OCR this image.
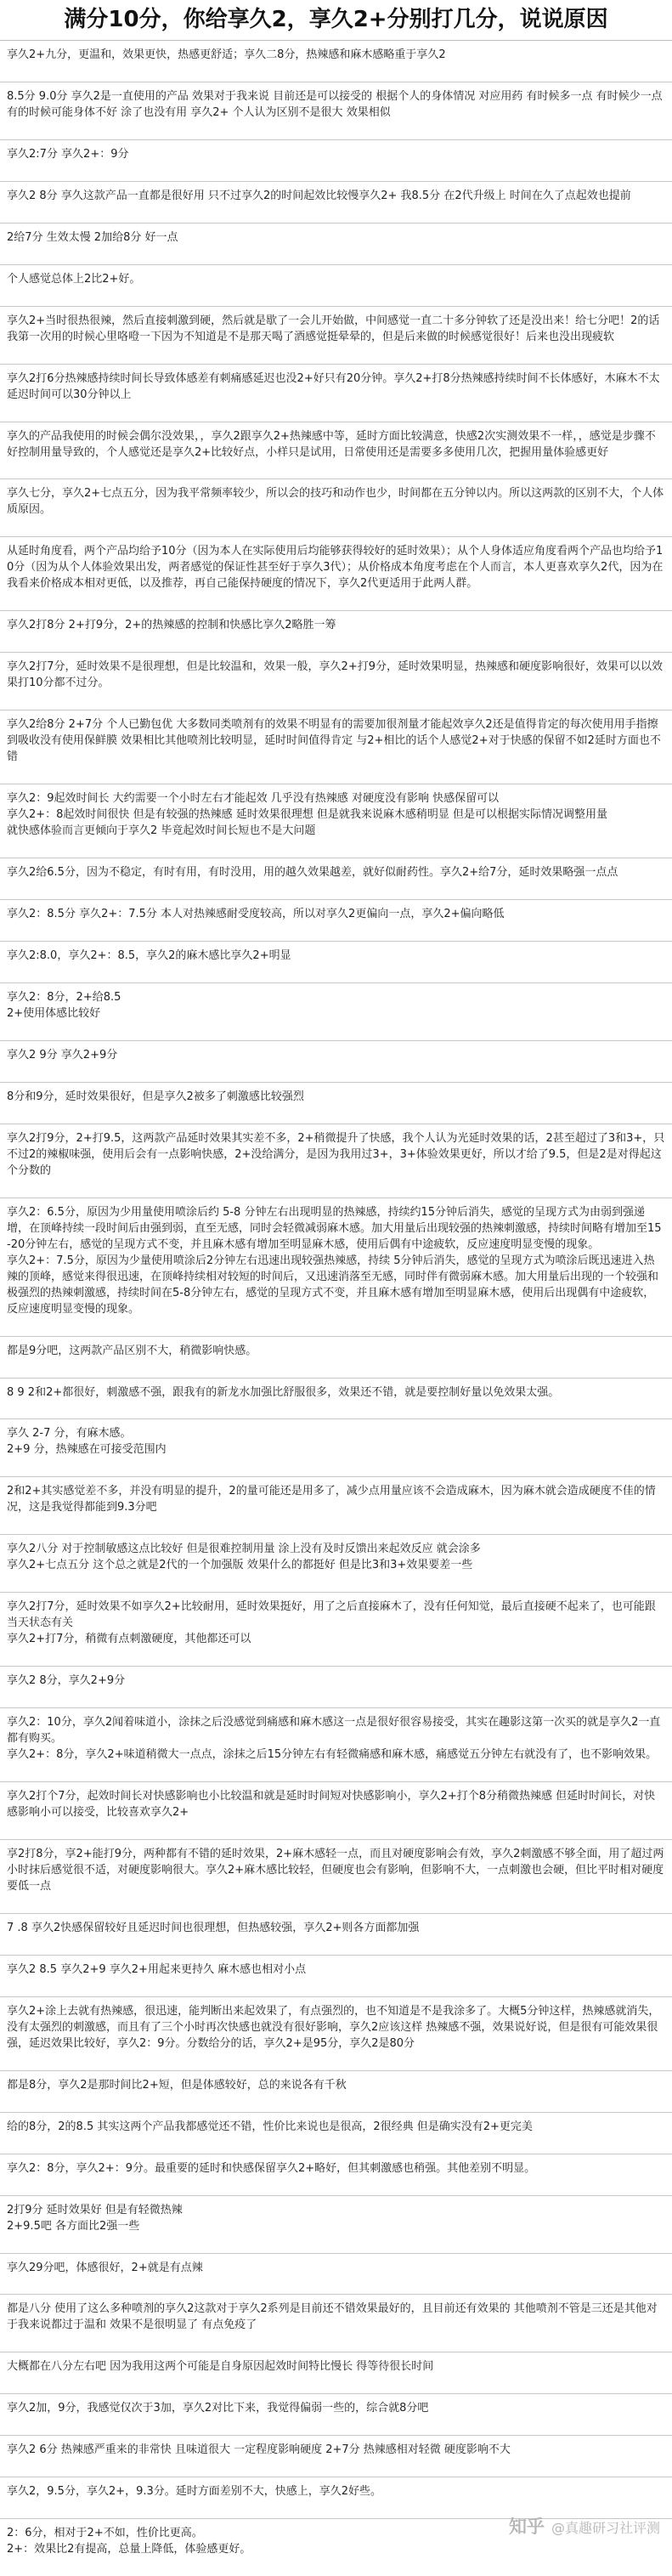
满分10分，你给享久2，享久2+分别打几分，说说原因

享久2+九分，更温和，效果更快，热感更舒适；享久二8分，热辣感和麻木感略重于享久2

8.5分 9.0分 享久2是一直使用的产品 效果对于我来说 目前还是可以接受的 根据个人的身体情况 对应用药 有时候多一点 有时候少一点 有的时候可能身体不好 涂了也没有用 享久2+ 个人认为区别不是很大 效果相似

享久2:7分 享久2+：9分

享久2 8分 享久这款产品一直都是很好用 只不过享久2的时间起效比较慢享久2+ 我8.5分 在2代升级上 时间在久了点起效也提前

2给7分 生效太慢 2加给8分 好一点

个人感觉总体上2比2+好。

享久2+当时很热很辣，然后直接刺激到硬，然后就是歇了一会儿开始做，中间感觉一直二十多分钟软了还是没出来！给七分吧！2的话我第一次用的时候心里咯噔一下因为不知道是不是那天喝了酒感觉挺晕晕的，但是后来做的时候感觉很好！后来也没出现疲软

享久2打6分热辣感持续时间长导致体感差有刺痛感延迟也没2+好只有20分钟。享久2+打8分热辣感持续时间不长体感好，木麻木不太延迟时间可以30分钟以上

享久的产品我使用的时候会偶尔没效果，，享久2跟享久2+热辣感中等，延时方面比较满意，快感2次实测效果不一样，，感觉是步骤不好控制用量导致的，个人感觉还是享久2+比较好点，小样只是试用，日常使用还是需要多多使用几次，把握用量体验感更好

享久七分，享久2+七点五分，因为我平常频率较少，所以会的技巧和动作也少，时间都在五分钟以内。所以这两款的区别不大，个人体质原因。

从延时角度看，两个产品均给予10分（因为本人在实际使用后均能够获得较好的延时效果）；从个人身体适应角度看两个产品也均给予10分（因为从个人体验效果出发，两者感觉的保证性甚至好于享久3代）；从价格成本角度考虑在个人而言，本人更喜欢享久2代，因为在我看来价格成本相对更低，以及推荐，再自己能保持硬度的情况下，享久2代更适用于此两人群。

享久2打8分 2+打9分，2+的热辣感的控制和快感比享久2略胜一筹

享久2打7分，延时效果不是很理想，但是比较温和，效果一般，享久2+打9分，延时效果明显，热辣感和硬度影响很好，效果可以以效果打10分都不过分。

享久2给8分 2+7分 个人已勤包优 大多数同类喷剂有的效果不明显有的需要加很剂量才能起效享久2还是值得肯定的每次使用用手指擦到吸收没有使用保鲜膜 效果相比其他喷剂比较明显，延时时间值得肯定 与2+相比的话个人感觉2+对于快感的保留不如2延时方面也不错

享久2：9起效时间长 大约需要一个小时左右才能起效 几乎没有热辣感 对硬度没有影响 快感保留可以

享久2+：8起效时间很快 但是有较强的热辣感 延时效果很理想 但是就我来说麻木感稍明显 但是可以根据实际情况调整用量

就快感体验而言更倾向于享久2 毕竟起效时间长短也不是大问题

享久2给6.5分，因为不稳定，有时有用，有时没用，用的越久效果越差，就好似耐药性。享久2+给7分，延时效果略强一点点

享久2：8.5分 享久2+：7.5分 本人对热辣感耐受度较高，所以对享久2更偏向一点，享久2+偏向略低

享久2:8.0，享久2+：8.5，享久2的麻木感比享久2+明显

享久2：8分，2+给8.5

2+使用体感比较好

享久2 9分 享久2+9分

8分和9分，延时效果很好，但是享久2被多了刺激感比较强烈

享久2打9分，2+打9.5，这两款产品延时效果其实差不多，2+稍微提升了快感，我个人认为光延时效果的话，2甚至超过了3和3+，只不过2的辣椒味强，使用后会有一点影响快感，2+没给满分，是因为我用过3+，3+体验效果更好，所以才给了9.5，但是2是对得起这个分数的

享久2：6.5分，原因为少用量使用喷涂后约 5-8 分钟左右出现明显的热辣感，持续约15分钟后消失，感觉的呈现方式为由弱到强递增，在顶峰持续一段时间后由强到弱，直至无感，同时会轻微减弱麻木感。加大用量后出现较强的热辣刺激感，持续时间略有增加至15-20分钟左右，感觉的呈现方式不变，并且麻木感有增加至明显麻木感，使用后偶有中途疲软，反应速度明显变慢的现象。

享久2+：7.5分，原因为少量使用喷涂后2分钟左右迅速出现较强热辣感，持续 5分钟后消失，感觉的呈现方式为喷涂后既迅速进入热辣的顶峰，感觉来得很迅速，在顶峰持续相对较短的时间后，又迅速消落至无感，同时伴有微弱麻木感。加大用量后出现的一个较强和极强烈的热辣刺激感，持续时间在5-8分钟左右，感觉的呈现方式不变，并且麻木感有增加至明显麻木感，使用后出现偶有中途疲软，反应速度明显变慢的现象。

都是9分吧，这两款产品区别不大，稍微影响快感。

8 9 2和2+都很好，刺激感不强，跟我有的新龙水加强比舒服很多，效果还不错，就是要控制好量以免效果太强。

享久 2-7 分，有麻木感。

2+9 分，热辣感在可接受范围内

2和2+其实感觉差不多，并没有明显的提升，2的量可能还是用多了，减少点用量应该不会造成麻木，因为麻木就会造成硬度不佳的情况，这是我觉得都能到9.3分吧

享久2八分 对于控制敏感这点比较好 但是很难控制用量 涂上没有及时反馈出来起效反应 就会涂多

享久2+七点五分 这个总之就是2代的一个加强版 效果什么的都挺好 但是比3和3+效果要差一些

享久2打7分，延时效果不如享久2+比较耐用，延时效果挺好，用了之后直接麻木了，没有任何知觉，最后直接硬不起来了，也可能跟当天状态有关

享久2+打7分，稍微有点刺激硬度，其他都还可以

享久2 8分，享久2+9分

享久2：10分，享久2闻着味道小，涂抹之后没感觉到痛感和麻木感这一点是很好很容易接受，其实在趣影这第一次买的就是享久2一直都有购买。

享久2+：8分，享久2+味道稍微大一点点，涂抹之后15分钟左右有轻微痛感和麻木感，痛感觉五分钟左右就没有了，也不影响效果。

享久2打个7分，起效时间长对快感影响也小比较温和就是延时时间短对快感影响小，享久2+打个8分稍微热辣感 但延时时间长，对快感影响小可以接受，比较喜欢享久2+

享2打8分，享2+能打9分，两种都有不错的延时效果，2+麻木感轻一点，而且对硬度影响会有效，享久2刺激感不够全面，用了超过两小时抹后感觉很不适，对硬度影响很大。享久2+麻木感比较轻，但硬度也会有影响，但影响不大，一点刺激也会硬，但比平时相对硬度要低一点

7 .8 享久2快感保留较好且延迟时间也很理想，但热感较强，享久2+则各方面都加强

享久2 8.5 享久2+9 享久2+用起来更持久 麻木感也相对小点

享久2+涂上去就有热辣感，很迅速，能判断出来起效果了，有点强烈的，也不知道是不是我涂多了。大概5分钟这样，热辣感就消失，没有太强烈的刺激感，而且有了三个小时再次快感也就没有很好影响，享久2应该这样 热辣感不强，效果说好说，但是很有可能效果很强，延迟效果比较好，享久2：9分。分数给分的话，享久2+是95分，享久2是80分

都是8分，享久2是那时间比2+短，但是体感较好，总的来说各有千秋

给的8分，2的8.5 其实这两个产品我都感觉还不错，性价比来说也是很高，2很经典 但是确实没有2+更完美

享久2：8分，享久2+：9分。最重要的延时和快感保留享久2+略好，但其刺激感也稍强。其他差别不明显。

2打9分 延时效果好 但是有轻微热辣

2+9.5吧 各方面比2强一些

享久29分吧，体感很好，2+就是有点辣

都是八分 使用了这么多种喷剂的享久2这款对于享久2系列是目前还不错效果最好的，且目前还有效果的 其他喷剂不管是三还是其他对于我来说都过于温和 效果不是很明显了 有点免疫了

大概都在八分左右吧 因为我用这两个可能是自身原因起效时间特比慢长 得等待很长时间

享久2加，9分，我感觉仅次于3加，享久2对比下来，我觉得偏弱一些的，综合就8分吧

享久2 6分 热辣感严重来的非常快 且味道很大 一定程度影响硬度 2+7分 热辣感相对轻微 硬度影响不大

享久2，9.5分，享久2+，9.3分。延时方面差别不大，快感上，享久2好些。

2：6分，相对于2+不如，性价比更高。

2+：效果比2有提高，总量上降低，体验感更好。

知乎 @真趣研习社评测
